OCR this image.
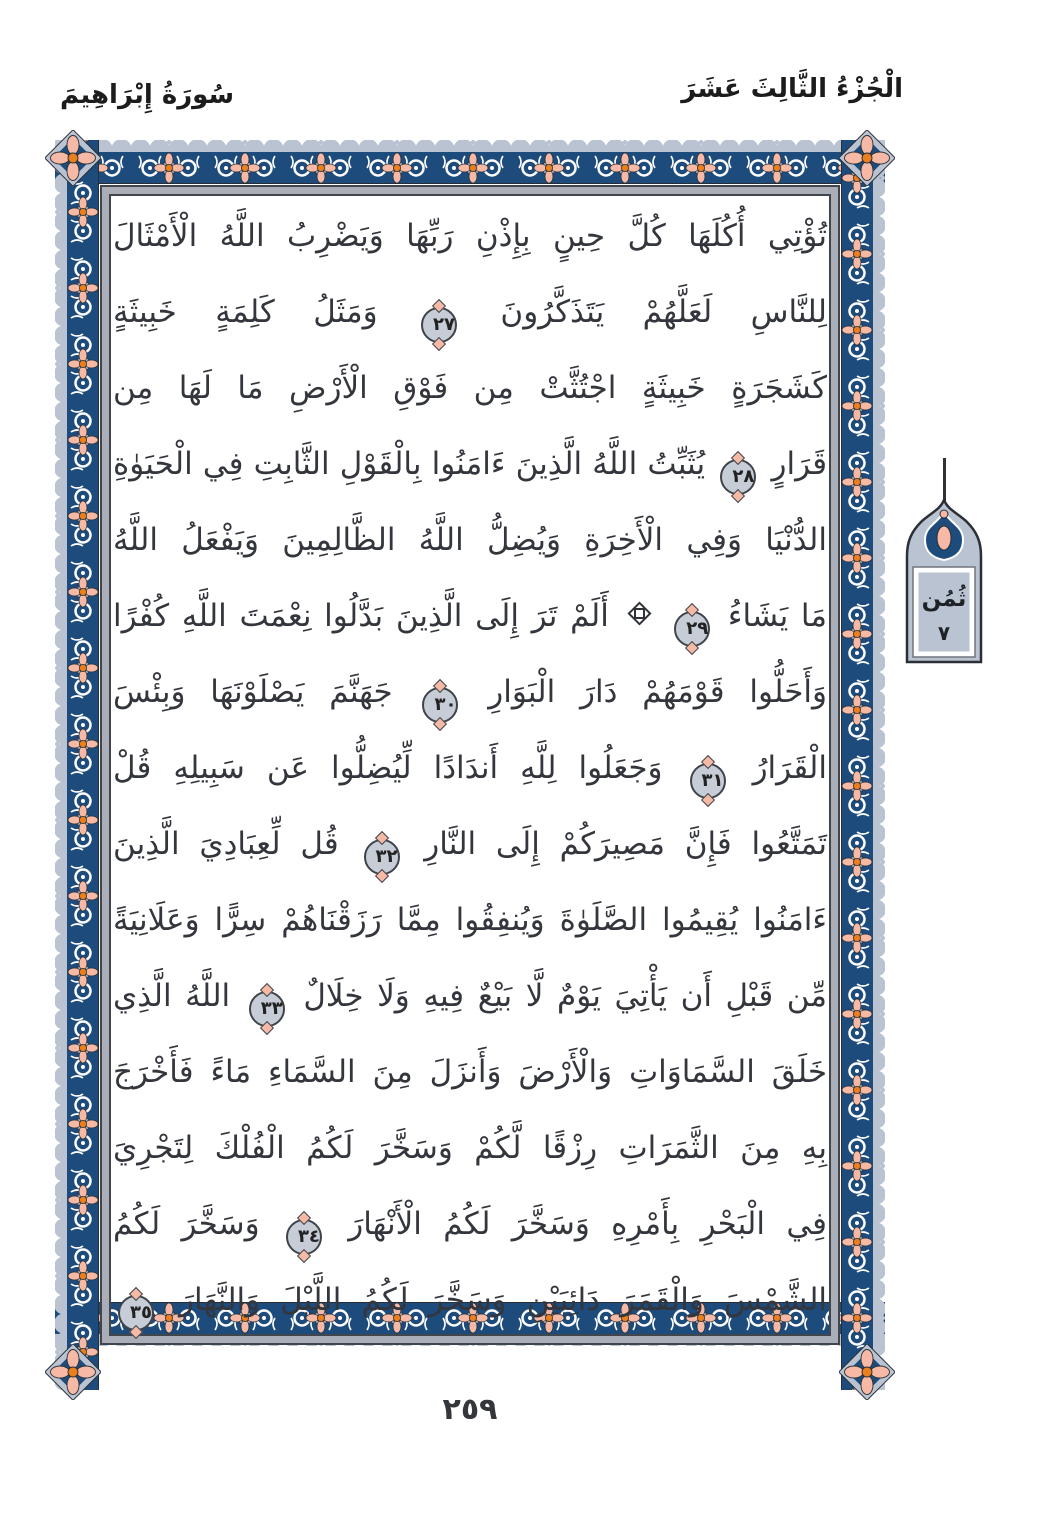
سُورَةُ إِبْرَاهِيمَ	الْجُزْءُ الثَّالِثَ عَشَرَ
تُؤْتِي أُكُلَهَا كُلَّ حِينٍ بِإِذْنِ رَبِّهَا وَيَضْرِبُ اللَّهُ الْأَمْثَالَ
لِلنَّاسِ لَعَلَّهُمْ يَتَذَكَّرُونَ ٢٧ وَمَثَلُ كَلِمَةٍ خَبِيثَةٍ
كَشَجَرَةٍ خَبِيثَةٍ اجْتُثَّتْ مِن فَوْقِ الْأَرْضِ مَا لَهَا مِن
قَرَارٍ ٢٨ يُثَبِّتُ اللَّهُ الَّذِينَ ءَامَنُوا بِالْقَوْلِ الثَّابِتِ فِي الْحَيَوٰةِ
الدُّنْيَا وَفِي الْأَخِرَةِ وَيُضِلُّ اللَّهُ الظَّالِمِينَ وَيَفْعَلُ اللَّهُ
مَا يَشَاءُ ٢٩  أَلَمْ تَرَ إِلَى الَّذِينَ بَدَّلُوا نِعْمَتَ اللَّهِ كُفْرًا
وَأَحَلُّوا قَوْمَهُمْ دَارَ الْبَوَارِ ٣٠ جَهَنَّمَ يَصْلَوْنَهَا وَبِئْسَ
الْقَرَارُ ٣١ وَجَعَلُوا لِلَّهِ أَندَادًا لِّيُضِلُّوا عَن سَبِيلِهِ قُلْ
تَمَتَّعُوا فَإِنَّ مَصِيرَكُمْ إِلَى النَّارِ ٣٢ قُل لِّعِبَادِيَ الَّذِينَ
ءَامَنُوا يُقِيمُوا الصَّلَوٰةَ وَيُنفِقُوا مِمَّا رَزَقْنَاهُمْ سِرًّا وَعَلَانِيَةً
مِّن قَبْلِ أَن يَأْتِيَ يَوْمٌ لَّا بَيْعٌ فِيهِ وَلَا خِلَالٌ ٣٣ اللَّهُ الَّذِي
خَلَقَ السَّمَاوَاتِ وَالْأَرْضَ وَأَنزَلَ مِنَ السَّمَاءِ مَاءً فَأَخْرَجَ
بِهِ مِنَ الثَّمَرَاتِ رِزْقًا لَّكُمْ وَسَخَّرَ لَكُمُ الْفُلْكَ لِتَجْرِيَ
فِي الْبَحْرِ بِأَمْرِهِ وَسَخَّرَ لَكُمُ الْأَنْهَارَ ٣٤ وَسَخَّرَ لَكُمُ
الشَّمْسَ وَالْقَمَرَ دَائِبَيْنِ وَسَخَّرَ لَكُمُ اللَّيْلَ وَالنَّهَارَ ٣٥
ثُمُن
٧
٢٥٩
